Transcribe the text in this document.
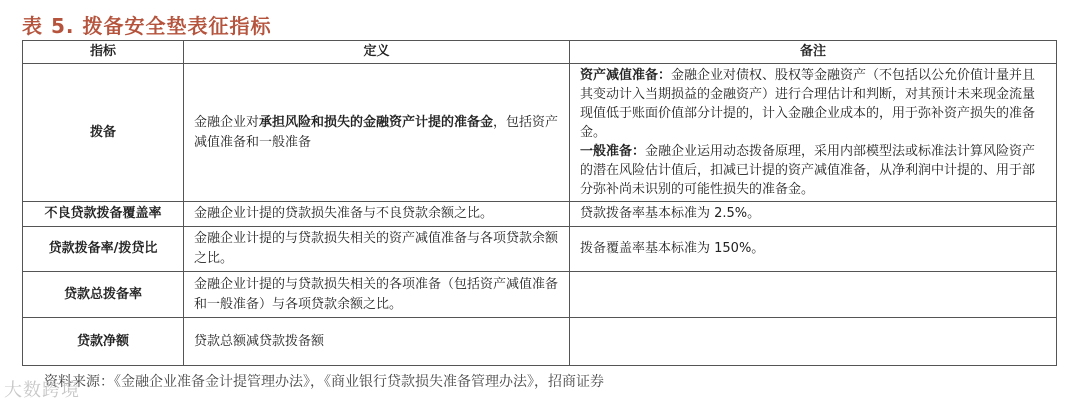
表 5. 拨备安全垫表征指标
指标	定义	备注
拨备	金融企业对承担风险和损失的金融资产计提的准备金，包括资产减值准备和一般准备	资产减值准备：金融企业对债权、股权等金融资产（不包括以公允价值计量并且其变动计入当期损益的金融资产）进行合理估计和判断，对其预计未来现金流量现值低于账面价值部分计提的，计入金融企业成本的，用于弥补资产损失的准备金。
一般准备：金融企业运用动态拨备原理，采用内部模型法或标准法计算风险资产的潜在风险估计值后，扣减已计提的资产减值准备，从净利润中计提的、用于部分弥补尚未识别的可能性损失的准备金。
不良贷款拨备覆盖率	金融企业计提的贷款损失准备与不良贷款余额之比。	贷款拨备率基本标准为 2.5%。
贷款拨备率/拨贷比	金融企业计提的与贷款损失相关的资产减值准备与各项贷款余额之比。	拨备覆盖率基本标准为 150%。
贷款总拨备率	金融企业计提的与贷款损失相关的各项准备（包括资产减值准备和一般准备）与各项贷款余额之比。	
贷款净额	贷款总额减贷款拨备额	
资料来源：《金融企业准备金计提管理办法》，《商业银行贷款损失准备管理办法》，招商证券
大数跨境
